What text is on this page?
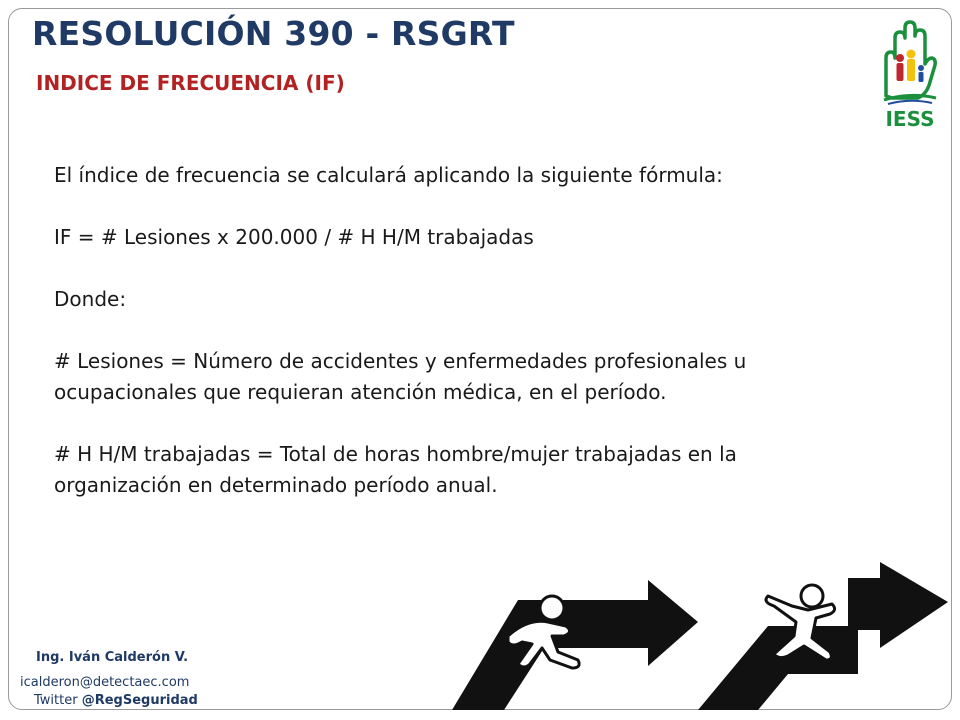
RESOLUCIÓN 390 - RSGRT
INDICE DE FRECUENCIA (IF)
IESS

El índice de frecuencia se calculará aplicando la siguiente fórmula:

IF = # Lesiones x 200.000 / # H H/M trabajadas

Donde:

# Lesiones = Número de accidentes y enfermedades profesionales u

ocupacionales que requieran atención médica, en el período.

# H H/M trabajadas = Total de horas hombre/mujer trabajadas en la

organización en determinado período anual.

Ing. Iván Calderón V.
icalderon@detectaec.com
Twitter @RegSeguridad
